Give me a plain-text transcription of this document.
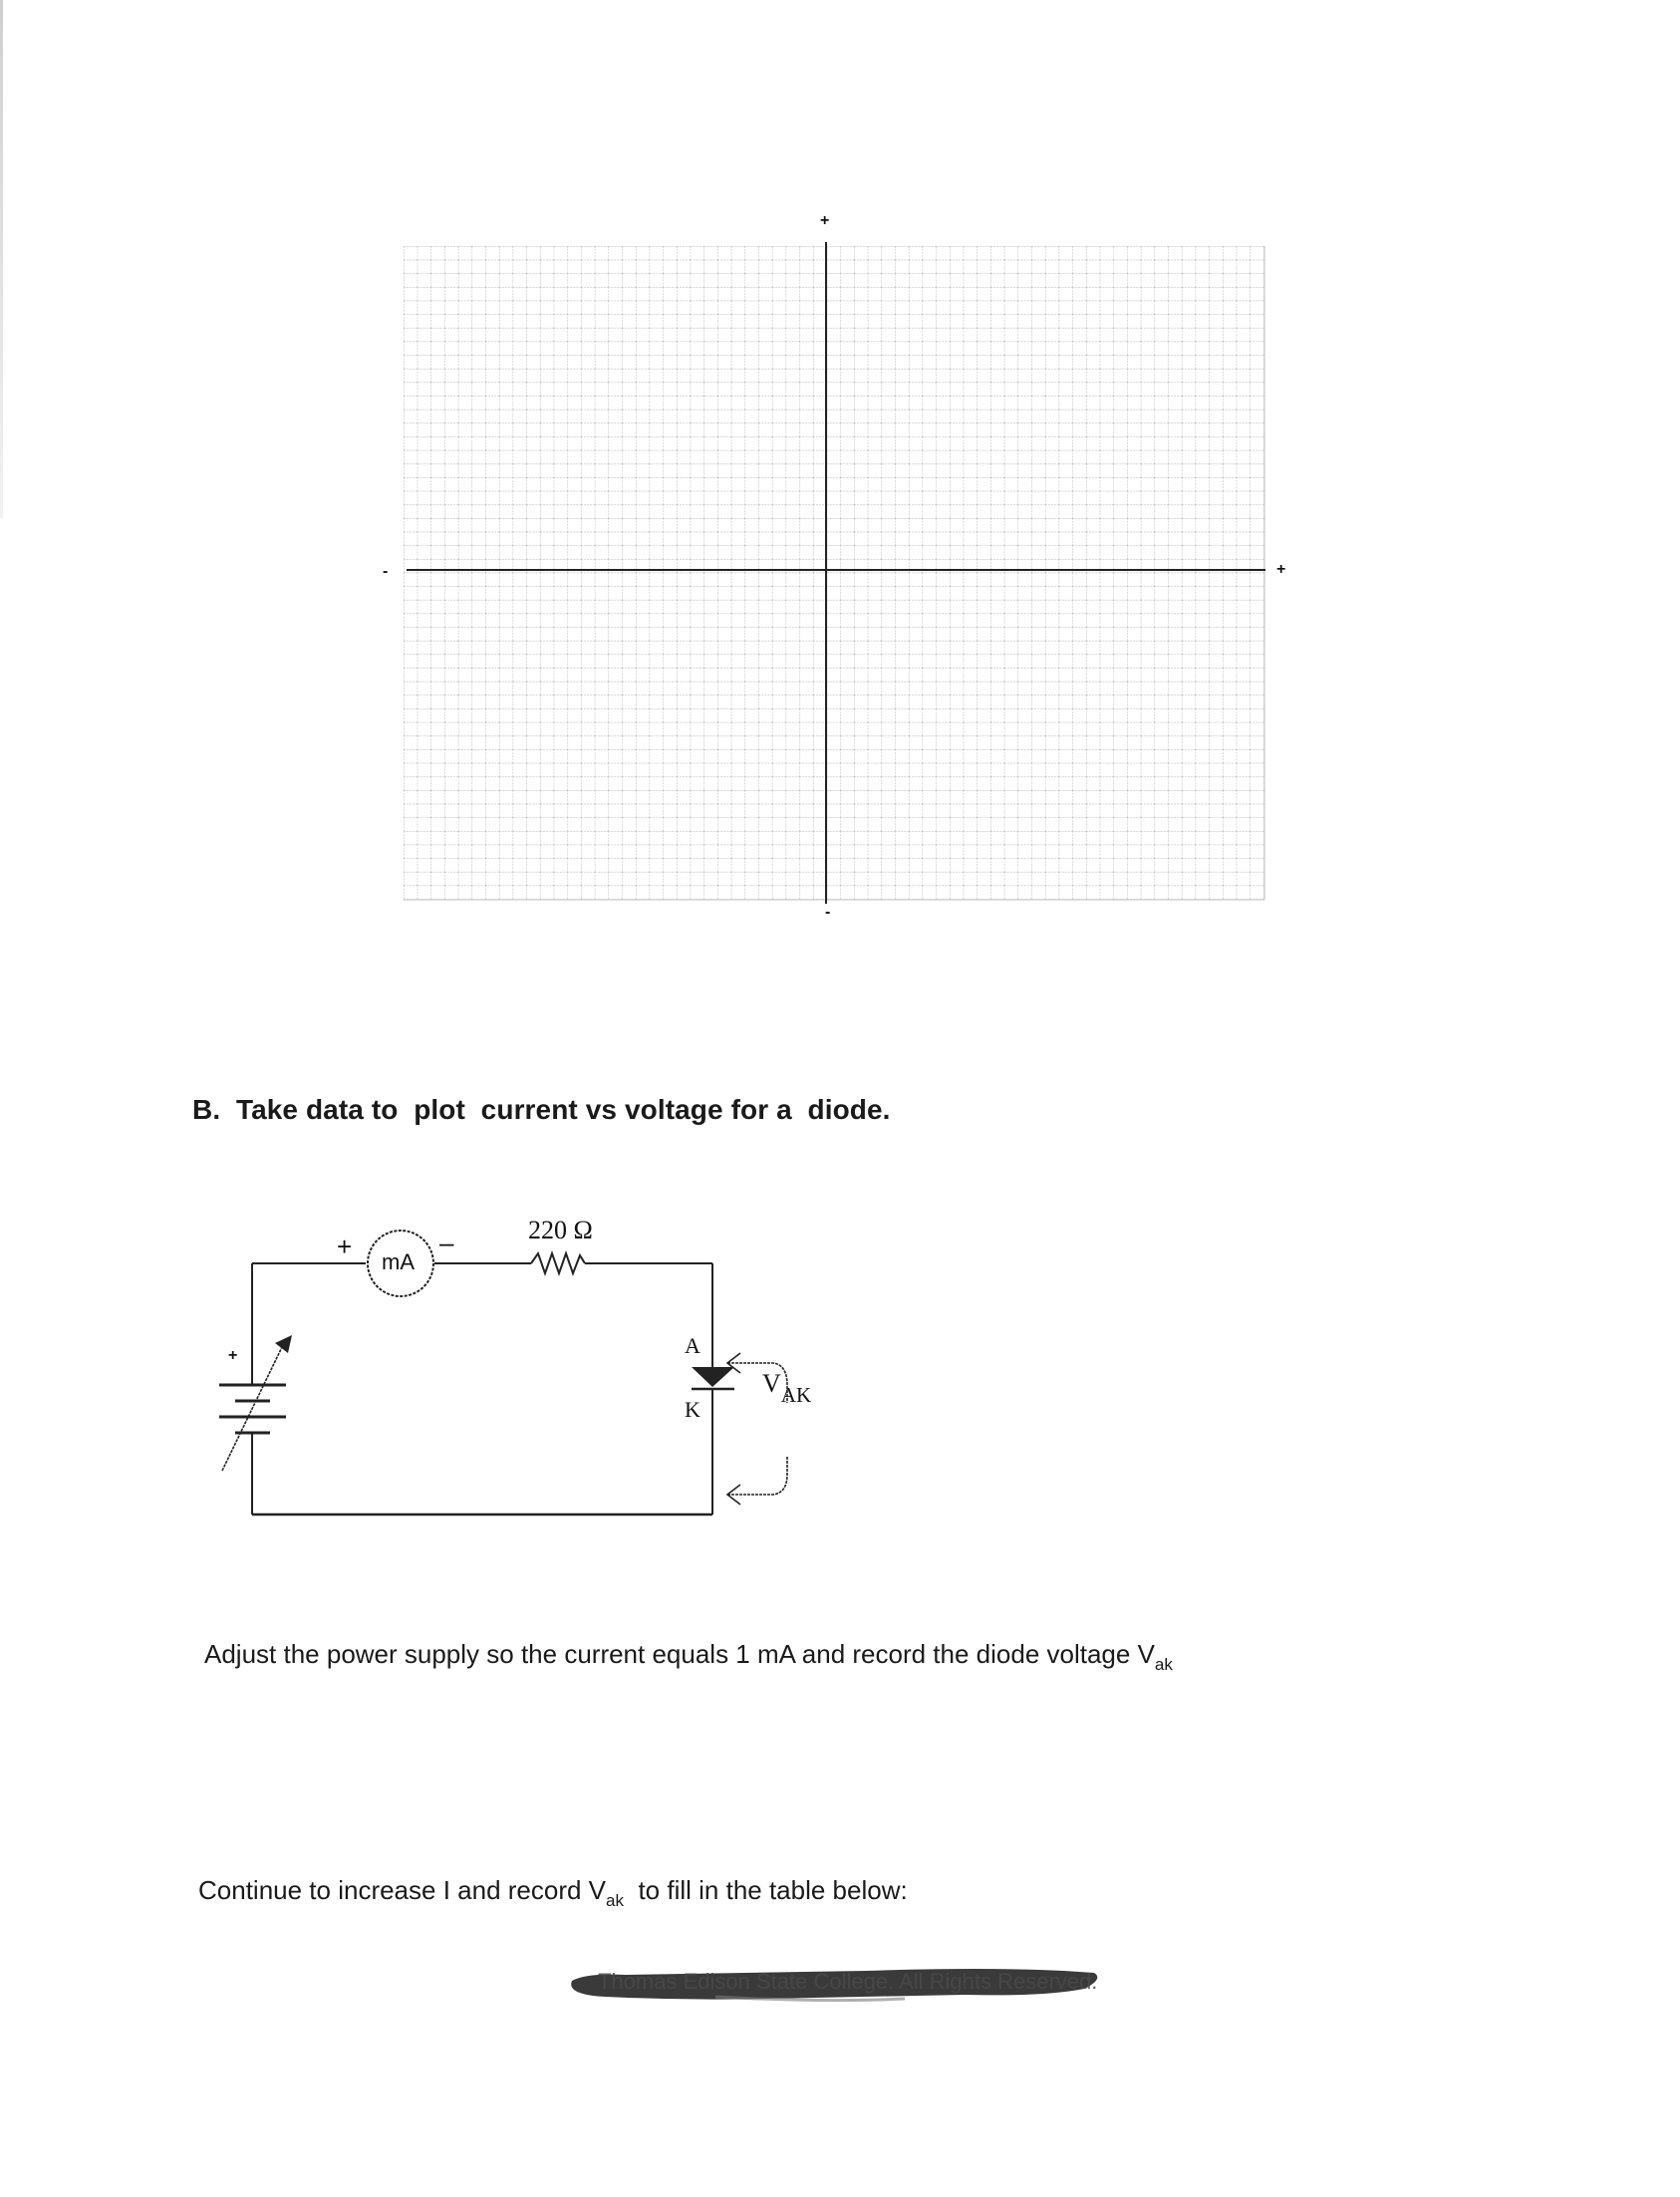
+
-
-	+
B.  Take data to  plot  current vs voltage for a  diode.
+	–
mA
220 Ω
+	A
K
$V_{AK}$
Adjust the power supply so the current equals 1 mA and record the diode voltage $V_{ak}$
Continue to increase I and record $V_{ak}$  to fill in the table below:
Thomas Edison State College. All Rights Reserved.
